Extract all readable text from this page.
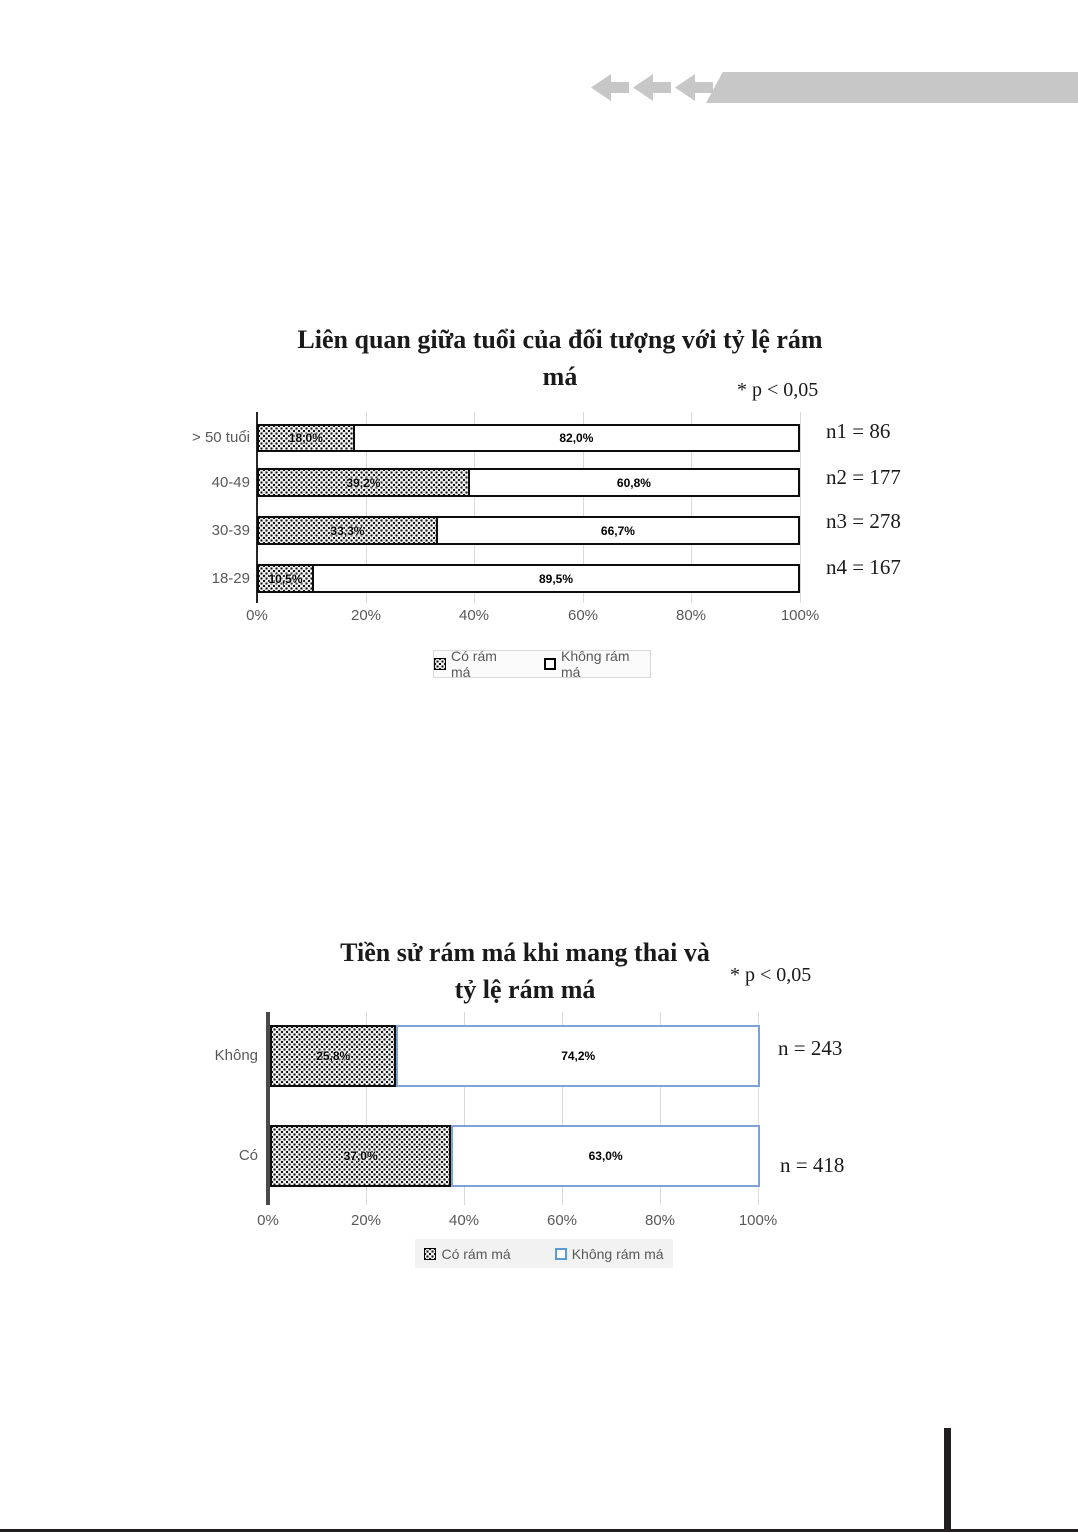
Liên quan giữa tuổi của đối tượng với tỷ lệ rám
má	* p < 0,05
18,0%	82,0%
39,2%	60,8%
33,3%	66,7%
10,5%	89,5%
> 50 tuổi
40-49
30-39
18-29
n1 = 86
n2 = 177
n3 = 278
n4 = 167
0%	20%	40%	60%	80%	100%
Có rám má
Không rám má
Tiền sử rám má khi mang thai và
tỷ lệ rám má	* p < 0,05
25,8%	74,2%
37,0%	63,0%
Không
Có
n = 243
n = 418
0%	20%	40%	60%	80%	100%
Có rám má	Không rám má
